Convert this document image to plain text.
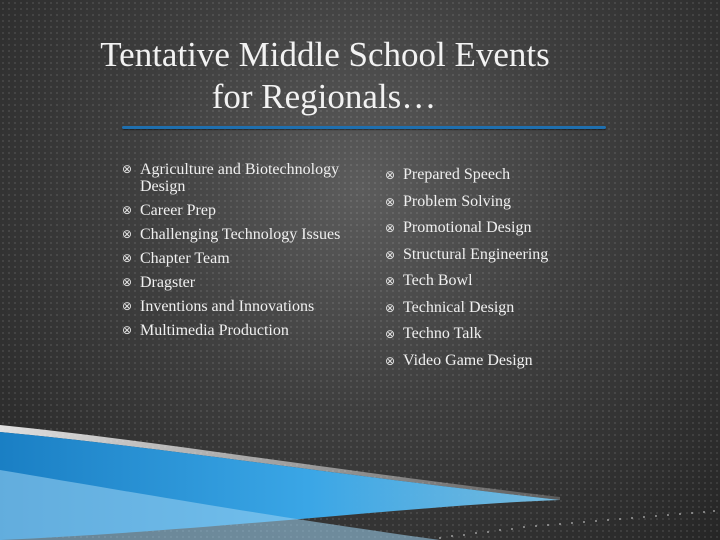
Tentative Middle School Events
for Regionals…
⊗ Agriculture and Biotechnology Design
⊗ Career Prep
⊗ Challenging Technology Issues
⊗ Chapter Team
⊗ Dragster
⊗ Inventions and Innovations
⊗ Multimedia Production
⊗ Prepared Speech
⊗ Problem Solving
⊗ Promotional Design
⊗ Structural Engineering
⊗ Tech Bowl
⊗ Technical Design
⊗ Techno Talk
⊗ Video Game Design
